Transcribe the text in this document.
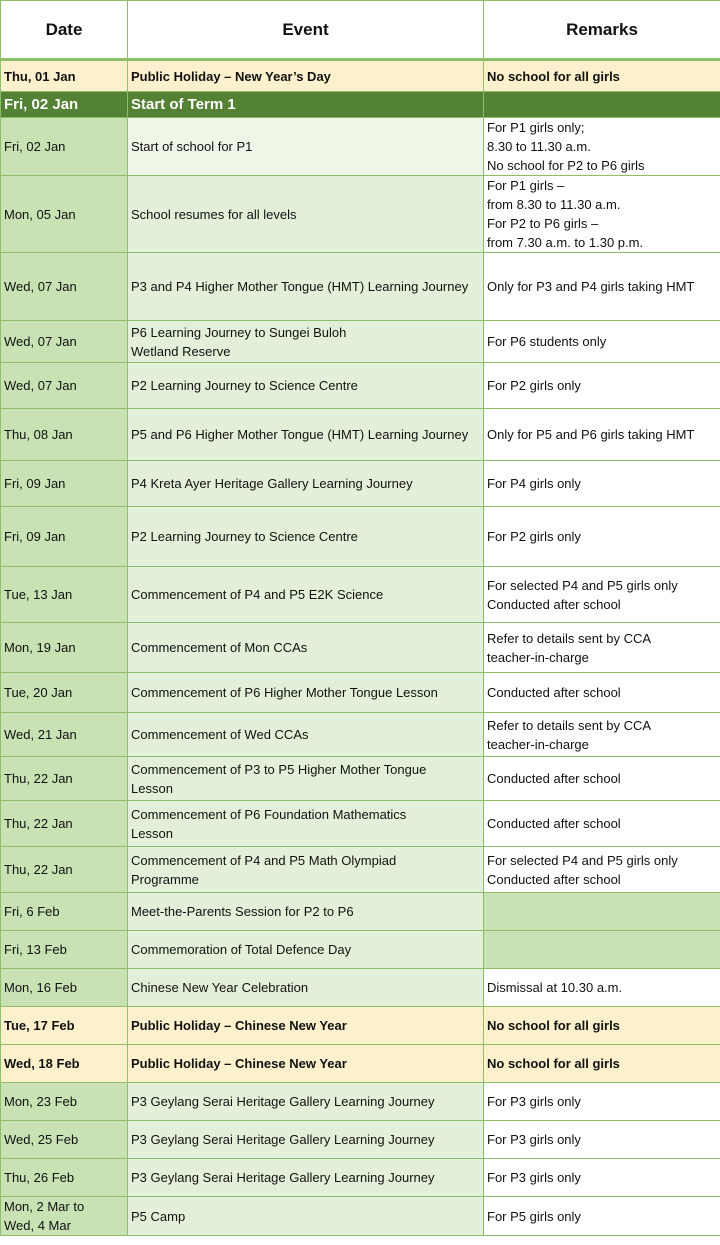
Date	Event	Remarks
Thu, 01 Jan	Public Holiday – New Year’s Day	No school for all girls
Fri, 02 Jan	Start of Term 1	
Fri, 02 Jan	Start of school for P1	For P1 girls only;
8.30 to 11.30 a.m.
No school for P2 to P6 girls
Mon, 05 Jan	School resumes for all levels	For P1 girls –
from 8.30 to 11.30 a.m.
For P2 to P6 girls –
from 7.30 a.m. to 1.30 p.m.
Wed, 07 Jan	P3 and P4 Higher Mother Tongue (HMT) Learning Journey	Only for P3 and P4 girls taking HMT
Wed, 07 Jan	P6 Learning Journey to Sungei Buloh
Wetland Reserve	For P6 students only
Wed, 07 Jan	P2 Learning Journey to Science Centre	For P2 girls only
Thu, 08 Jan	P5 and P6 Higher Mother Tongue (HMT) Learning Journey	Only for P5 and P6 girls taking HMT
Fri, 09 Jan	P4 Kreta Ayer Heritage Gallery Learning Journey	For P4 girls only
Fri, 09 Jan	P2 Learning Journey to Science Centre	For P2 girls only
Tue, 13 Jan	Commencement of P4 and P5 E2K Science	For selected P4 and P5 girls only
Conducted after school
Mon, 19 Jan	Commencement of Mon CCAs	Refer to details sent by CCA
teacher-in-charge
Tue, 20 Jan	Commencement of P6 Higher Mother Tongue Lesson	Conducted after school
Wed, 21 Jan	Commencement of Wed CCAs	Refer to details sent by CCA
teacher-in-charge
Thu, 22 Jan	Commencement of P3 to P5 Higher Mother Tongue
Lesson	Conducted after school
Thu, 22 Jan	Commencement of P6 Foundation Mathematics
Lesson	Conducted after school
Thu, 22 Jan	Commencement of P4 and P5 Math Olympiad
Programme	For selected P4 and P5 girls only
Conducted after school
Fri, 6 Feb	Meet-the-Parents Session for P2 to P6	
Fri, 13 Feb	Commemoration of Total Defence Day	
Mon, 16 Feb	Chinese New Year Celebration	Dismissal at 10.30 a.m.
Tue, 17 Feb	Public Holiday – Chinese New Year	No school for all girls
Wed, 18 Feb	Public Holiday – Chinese New Year	No school for all girls
Mon, 23 Feb	P3 Geylang Serai Heritage Gallery Learning Journey	For P3 girls only
Wed, 25 Feb	P3 Geylang Serai Heritage Gallery Learning Journey	For P3 girls only
Thu, 26 Feb	P3 Geylang Serai Heritage Gallery Learning Journey	For P3 girls only
Mon, 2 Mar to
Wed, 4 Mar	P5 Camp	For P5 girls only
